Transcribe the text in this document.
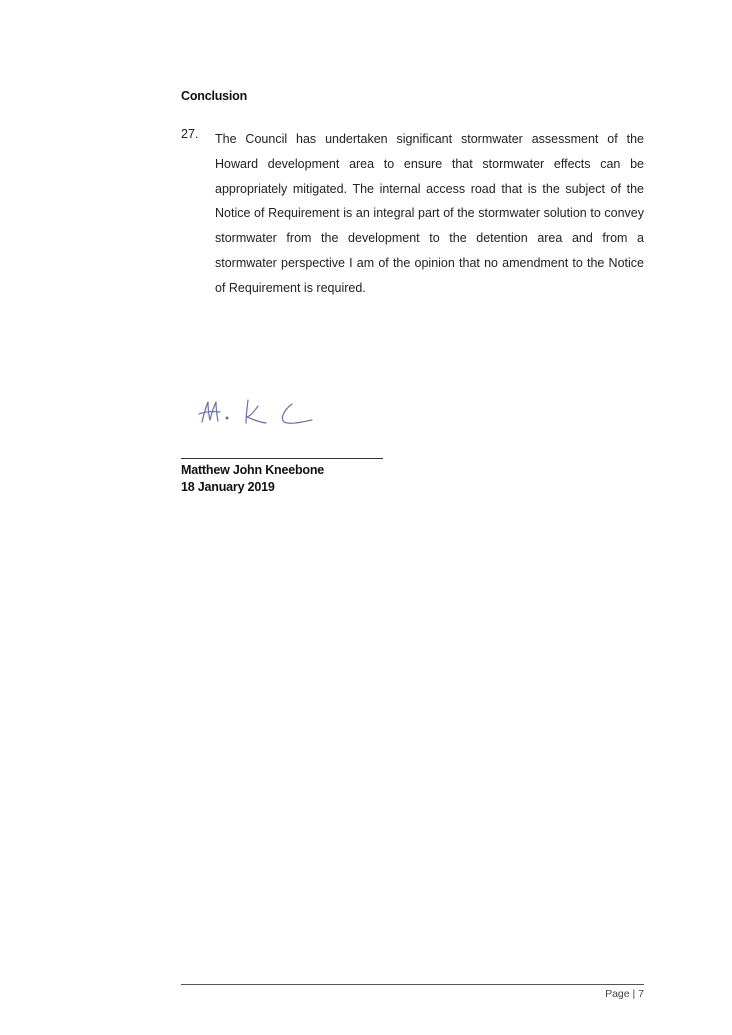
Conclusion
27. The Council has undertaken significant stormwater assessment of the Howard development area to ensure that stormwater effects can be appropriately mitigated. The internal access road that is the subject of the Notice of Requirement is an integral part of the stormwater solution to convey stormwater from the development to the detention area and from a stormwater perspective I am of the opinion that no amendment to the Notice of Requirement is required.

Matthew John Kneebone
18 January 2019
Page | 7
